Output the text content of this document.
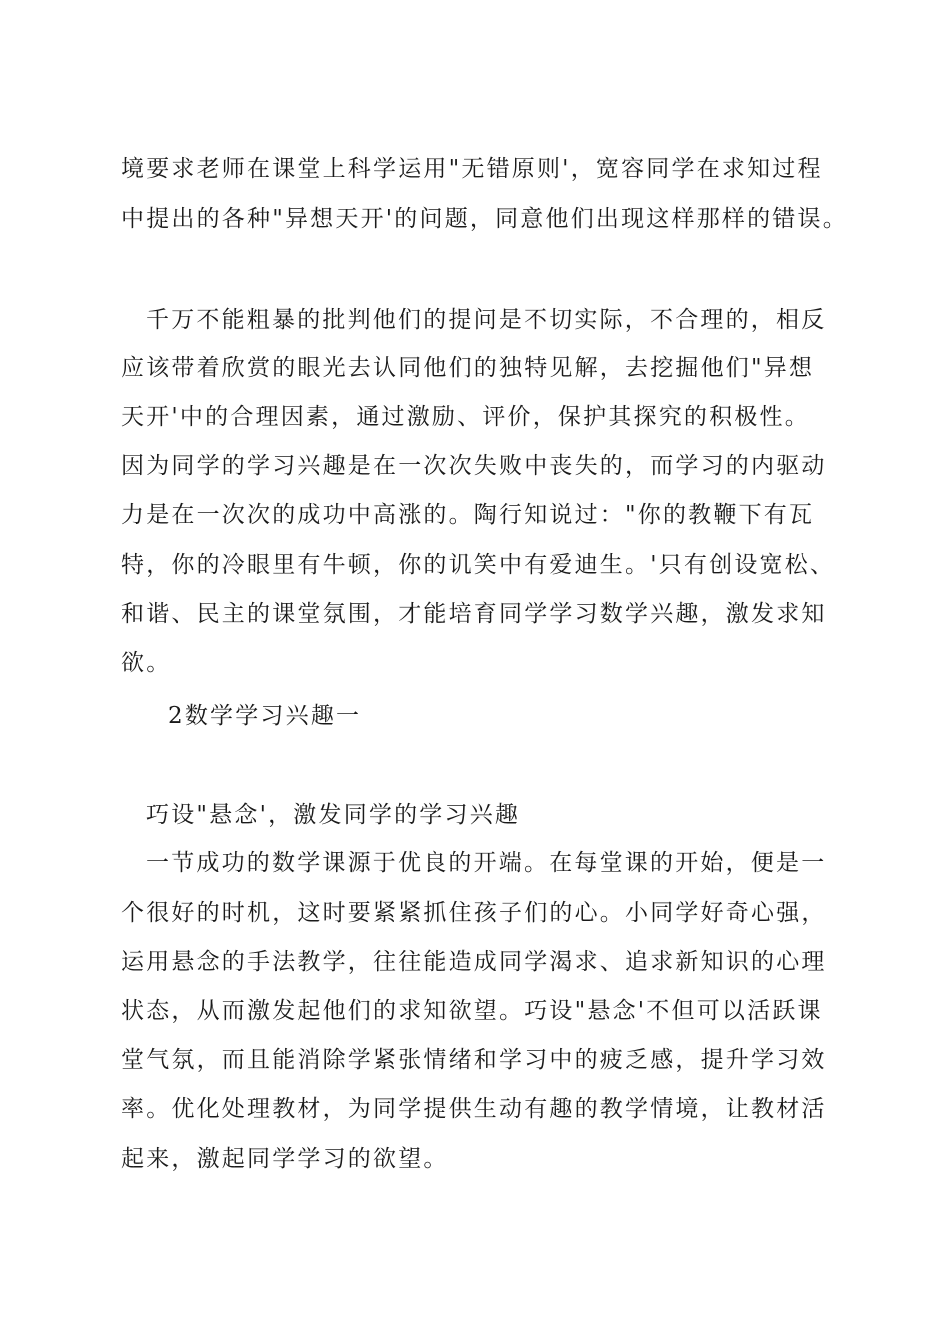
境要求老师在课堂上科学运用"无错原则'，宽容同学在求知过程

中提出的各种"异想天开'的问题，同意他们出现这样那样的错误。

千万不能粗暴的批判他们的提问是不切实际，不合理的，相反

应该带着欣赏的眼光去认同他们的独特见解，去挖掘他们"异想

天开'中的合理因素，通过激励、评价，保护其探究的积极性。

因为同学的学习兴趣是在一次次失败中丧失的，而学习的内驱动

力是在一次次的成功中高涨的。陶行知说过："你的教鞭下有瓦

特，你的冷眼里有牛顿，你的讥笑中有爱迪生。'只有创设宽松、

和谐、民主的课堂氛围，才能培育同学学习数学兴趣，激发求知

欲。

2数学学习兴趣一

巧设"悬念'，激发同学的学习兴趣

一节成功的数学课源于优良的开端。在每堂课的开始，便是一

个很好的时机，这时要紧紧抓住孩子们的心。小同学好奇心强，

运用悬念的手法教学，往往能造成同学渴求、追求新知识的心理

状态，从而激发起他们的求知欲望。巧设"悬念'不但可以活跃课

堂气氛，而且能消除学紧张情绪和学习中的疲乏感，提升学习效

率。优化处理教材，为同学提供生动有趣的教学情境，让教材活

起来，激起同学学习的欲望。
